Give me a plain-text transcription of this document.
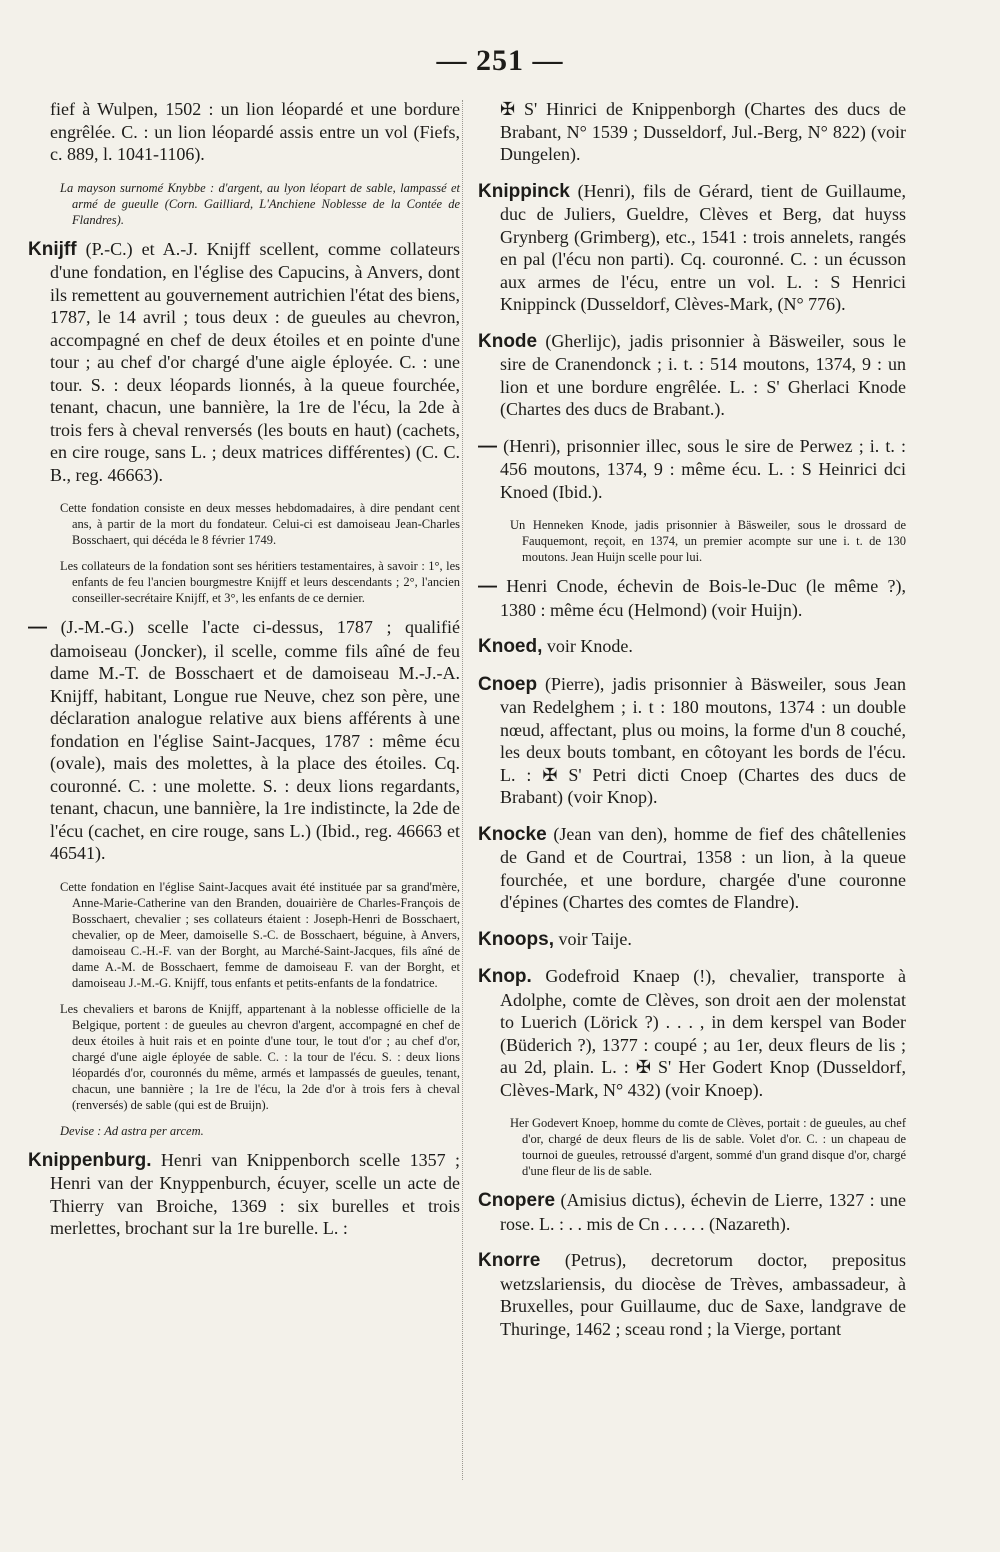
— 251 —

fief à Wulpen, 1502 : un lion léopardé et une bordure engrêlée. C. : un lion léopardé assis entre un vol (Fiefs, c. 889, l. 1041-1106).

La mayson surnomé Knybbe : d'argent, au lyon léopart de sable, lampassé et armé de gueulle (Corn. Gailliard, L'Anchiene Noblesse de la Contée de Flandres).

Knijff (P.-C.) et A.-J. Knijff scellent, comme collateurs d'une fondation, en l'église des Capucins, à Anvers, dont ils remettent au gouvernement autrichien l'état des biens, 1787, le 14 avril ; tous deux : de gueules au chevron, accompagné en chef de deux étoiles et en pointe d'une tour ; au chef d'or chargé d'une aigle éployée. C. : une tour. S. : deux léopards lionnés, à la queue fourchée, tenant, chacun, une bannière, la 1re de l'écu, la 2de à trois fers à cheval renversés (les bouts en haut) (cachets, en cire rouge, sans L. ; deux matrices différentes) (C. C. B., reg. 46663).

Cette fondation consiste en deux messes hebdomadaires, à dire pendant cent ans, à partir de la mort du fondateur. Celui-ci est damoiseau Jean-Charles Bosschaert, qui décéda le 8 février 1749.

Les collateurs de la fondation sont ses héritiers testamentaires, à savoir : 1°, les enfants de feu l'ancien bourgmestre Knijff et leurs descendants ; 2°, l'ancien conseiller-secrétaire Knijff, et 3°, les enfants de ce dernier.

— (J.-M.-G.) scelle l'acte ci-dessus, 1787 ; qualifié damoiseau (Joncker), il scelle, comme fils aîné de feu dame M.-T. de Bosschaert et de damoiseau M.-J.-A. Knijff, habitant, Longue rue Neuve, chez son père, une déclaration analogue relative aux biens afférents à une fondation en l'église Saint-Jacques, 1787 : même écu (ovale), mais des molettes, à la place des étoiles. Cq. couronné. C. : une molette. S. : deux lions regardants, tenant, chacun, une bannière, la 1re indistincte, la 2de de l'écu (cachet, en cire rouge, sans L.) (Ibid., reg. 46663 et 46541).

Cette fondation en l'église Saint-Jacques avait été instituée par sa grand'mère, Anne-Marie-Catherine van den Branden, douairière de Charles-François de Bosschaert, chevalier ; ses collateurs étaient : Joseph-Henri de Bosschaert, chevalier, op de Meer, damoiselle S.-C. de Bosschaert, béguine, à Anvers, damoiseau C.-H.-F. van der Borght, au Marché-Saint-Jacques, fils aîné de dame A.-M. de Bosschaert, femme de damoiseau F. van der Borght, et damoiseau J.-M.-G. Knijff, tous enfants et petits-enfants de la fondatrice.

Les chevaliers et barons de Knijff, appartenant à la noblesse officielle de la Belgique, portent : de gueules au chevron d'argent, accompagné en chef de deux étoiles à huit rais et en pointe d'une tour, le tout d'or ; au chef d'or, chargé d'une aigle éployée de sable. C. : la tour de l'écu. S. : deux lions léopardés d'or, couronnés du même, armés et lampassés de gueules, tenant, chacun, une bannière ; la 1re de l'écu, la 2de d'or à trois fers à cheval (renversés) de sable (qui est de Bruijn).

Devise : Ad astra per arcem.

Knippenburg. Henri van Knippenborch scelle 1357 ; Henri van der Knyppenburch, écuyer, scelle un acte de Thierry van Broiche, 1369 : six burelles et trois merlettes, brochant sur la 1re burelle. L. :

✠ S' Hinrici de Knippenborgh (Chartes des ducs de Brabant, N° 1539 ; Dusseldorf, Jul.-Berg, N° 822) (voir Dungelen).

Knippinck (Henri), fils de Gérard, tient de Guillaume, duc de Juliers, Gueldre, Clèves et Berg, dat huyss Grynberg (Grimberg), etc., 1541 : trois annelets, rangés en pal (l'écu non parti). Cq. couronné. C. : un écusson aux armes de l'écu, entre un vol. L. : S Henrici Knippinck (Dusseldorf, Clèves-Mark, (N° 776).

Knode (Gherlijc), jadis prisonnier à Bäsweiler, sous le sire de Cranendonck ; i. t. : 514 moutons, 1374, 9 : un lion et une bordure engrêlée. L. : S' Gherlaci Knode (Chartes des ducs de Brabant.).

— (Henri), prisonnier illec, sous le sire de Perwez ; i. t. : 456 moutons, 1374, 9 : même écu. L. : S Heinrici dci Knoed (Ibid.).

Un Henneken Knode, jadis prisonnier à Bäsweiler, sous le drossard de Fauquemont, reçoit, en 1374, un premier acompte sur une i. t. de 130 moutons. Jean Huijn scelle pour lui.

— Henri Cnode, échevin de Bois-le-Duc (le même ?), 1380 : même écu (Helmond) (voir Huijn).

Knoed, voir Knode.

Cnoep (Pierre), jadis prisonnier à Bäsweiler, sous Jean van Redelghem ; i. t : 180 moutons, 1374 : un double nœud, affectant, plus ou moins, la forme d'un 8 couché, les deux bouts tombant, en côtoyant les bords de l'écu. L. : ✠ S' Petri dicti Cnoep (Chartes des ducs de Brabant) (voir Knop).

Knocke (Jean van den), homme de fief des châtellenies de Gand et de Courtrai, 1358 : un lion, à la queue fourchée, et une bordure, chargée d'une couronne d'épines (Chartes des comtes de Flandre).

Knoops, voir Taije.

Knop. Godefroid Knaep (!), chevalier, transporte à Adolphe, comte de Clèves, son droit aen der molenstat to Luerich (Lörick ?) . . . , in dem kerspel van Boder (Büderich ?), 1377 : coupé ; au 1er, deux fleurs de lis ; au 2d, plain. L. : ✠ S' Her Godert Knop (Dusseldorf, Clèves-Mark, N° 432) (voir Knoep).

Her Godevert Knoep, homme du comte de Clèves, portait : de gueules, au chef d'or, chargé de deux fleurs de lis de sable. Volet d'or. C. : un chapeau de tournoi de gueules, retroussé d'argent, sommé d'un grand disque d'or, chargé d'une fleur de lis de sable.

Cnopere (Amisius dictus), échevin de Lierre, 1327 : une rose. L. : . . mis de Cn . . . . . (Nazareth).

Knorre (Petrus), decretorum doctor, prepositus wetzslariensis, du diocèse de Trèves, ambassadeur, à Bruxelles, pour Guillaume, duc de Saxe, landgrave de Thuringe, 1462 ; sceau rond ; la Vierge, portant
